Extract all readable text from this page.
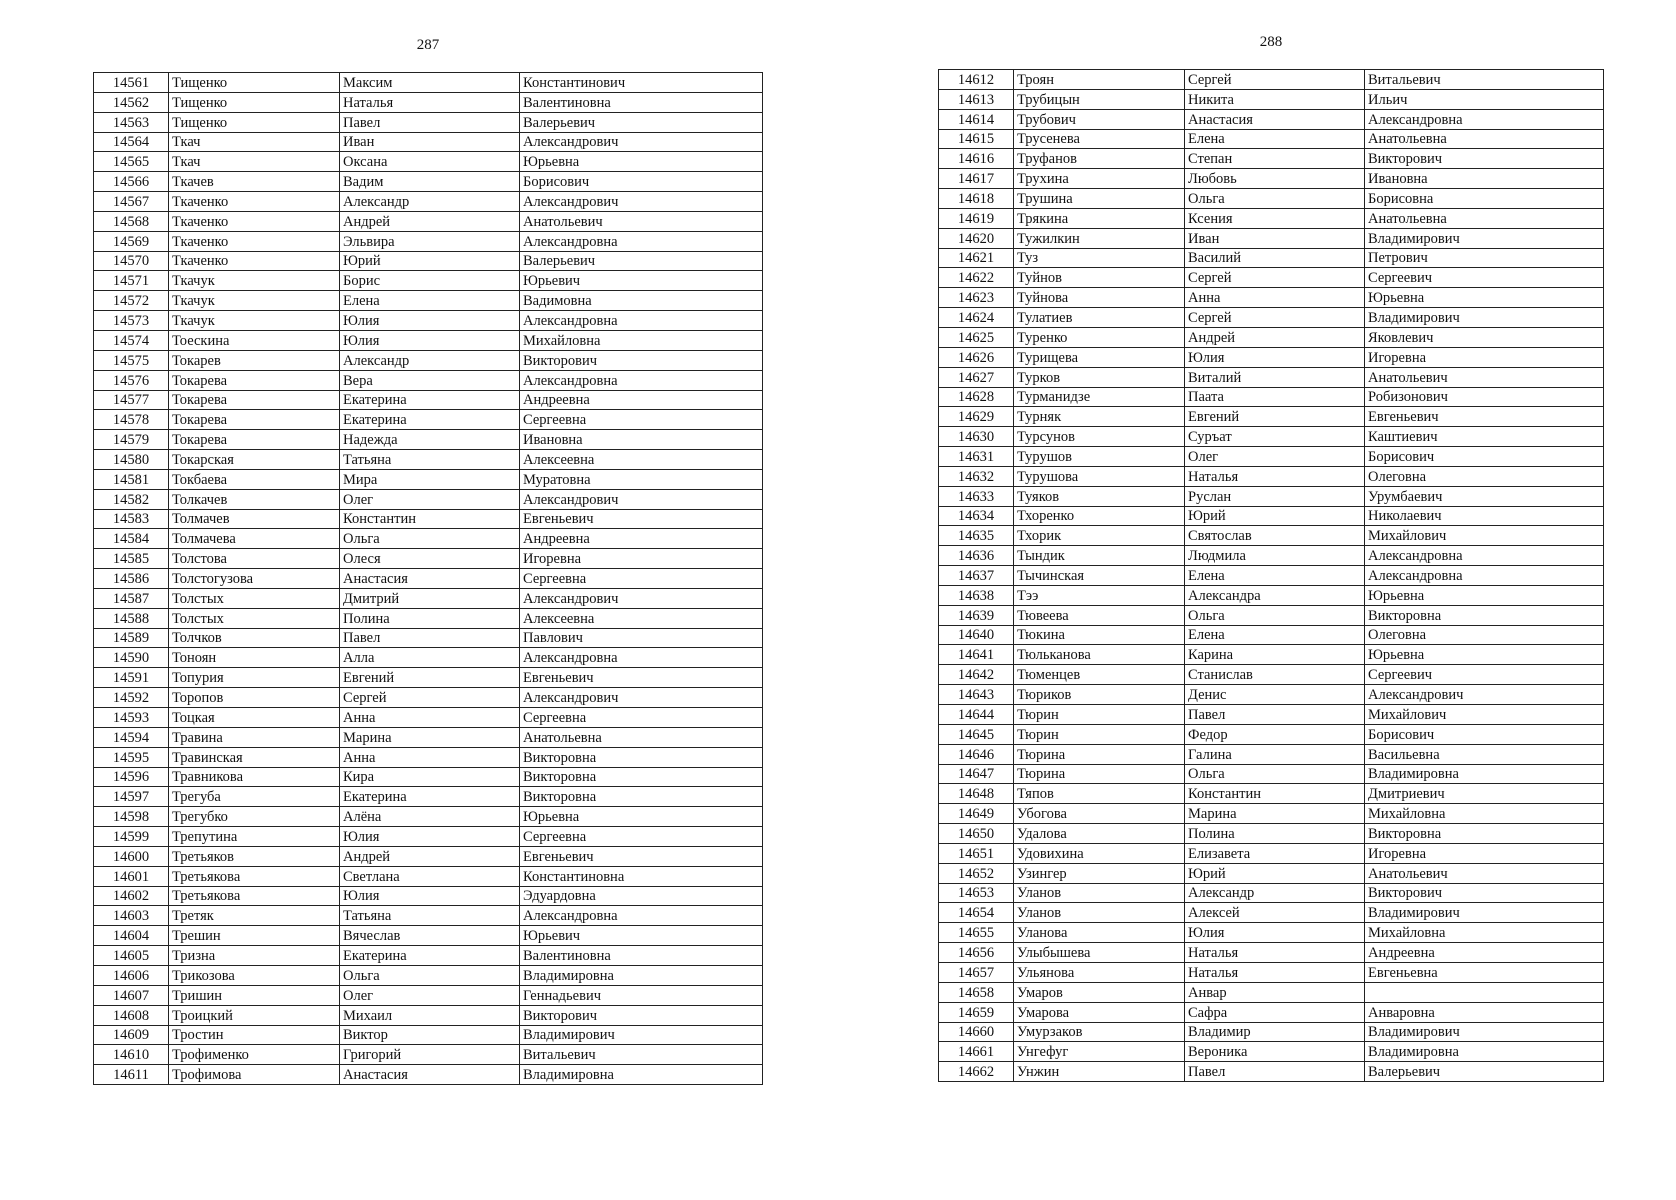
287
14561	Тищенко	Максим	Константинович
14562	Тищенко	Наталья	Валентиновна
14563	Тищенко	Павел	Валерьевич
14564	Ткач	Иван	Александрович
14565	Ткач	Оксана	Юрьевна
14566	Ткачев	Вадим	Борисович
14567	Ткаченко	Александр	Александрович
14568	Ткаченко	Андрей	Анатольевич
14569	Ткаченко	Эльвира	Александровна
14570	Ткаченко	Юрий	Валерьевич
14571	Ткачук	Борис	Юрьевич
14572	Ткачук	Елена	Вадимовна
14573	Ткачук	Юлия	Александровна
14574	Тоескина	Юлия	Михайловна
14575	Токарев	Александр	Викторович
14576	Токарева	Вера	Александровна
14577	Токарева	Екатерина	Андреевна
14578	Токарева	Екатерина	Сергеевна
14579	Токарева	Надежда	Ивановна
14580	Токарская	Татьяна	Алексеевна
14581	Токбаева	Мира	Муратовна
14582	Толкачев	Олег	Александрович
14583	Толмачев	Константин	Евгеньевич
14584	Толмачева	Ольга	Андреевна
14585	Толстова	Олеся	Игоревна
14586	Толстогузова	Анастасия	Сергеевна
14587	Толстых	Дмитрий	Александрович
14588	Толстых	Полина	Алексеевна
14589	Толчков	Павел	Павлович
14590	Тоноян	Алла	Александровна
14591	Топурия	Евгений	Евгеньевич
14592	Торопов	Сергей	Александрович
14593	Тоцкая	Анна	Сергеевна
14594	Травина	Марина	Анатольевна
14595	Травинская	Анна	Викторовна
14596	Травникова	Кира	Викторовна
14597	Трегуба	Екатерина	Викторовна
14598	Трегубко	Алёна	Юрьевна
14599	Трепутина	Юлия	Сергеевна
14600	Третьяков	Андрей	Евгеньевич
14601	Третьякова	Светлана	Константиновна
14602	Третьякова	Юлия	Эдуардовна
14603	Третяк	Татьяна	Александровна
14604	Трешин	Вячеслав	Юрьевич
14605	Тризна	Екатерина	Валентиновна
14606	Трикозова	Ольга	Владимировна
14607	Тришин	Олег	Геннадьевич
14608	Троицкий	Михаил	Викторович
14609	Тростин	Виктор	Владимирович
14610	Трофименко	Григорий	Витальевич
14611	Трофимова	Анастасия	Владимировна
288
14612	Троян	Сергей	Витальевич
14613	Трубицын	Никита	Ильич
14614	Трубович	Анастасия	Александровна
14615	Трусенева	Елена	Анатольевна
14616	Труфанов	Степан	Викторович
14617	Трухина	Любовь	Ивановна
14618	Трушина	Ольга	Борисовна
14619	Трякина	Ксения	Анатольевна
14620	Тужилкин	Иван	Владимирович
14621	Туз	Василий	Петрович
14622	Туйнов	Сергей	Сергеевич
14623	Туйнова	Анна	Юрьевна
14624	Тулатиев	Сергей	Владимирович
14625	Туренко	Андрей	Яковлевич
14626	Турищева	Юлия	Игоревна
14627	Турков	Виталий	Анатольевич
14628	Турманидзе	Паата	Робизонович
14629	Турняк	Евгений	Евгеньевич
14630	Турсунов	Суръат	Каштиевич
14631	Турушов	Олег	Борисович
14632	Турушова	Наталья	Олеговна
14633	Туяков	Руслан	Урумбаевич
14634	Тхоренко	Юрий	Николаевич
14635	Тхорик	Святослав	Михайлович
14636	Тындик	Людмила	Александровна
14637	Тычинская	Елена	Александровна
14638	Тээ	Александра	Юрьевна
14639	Тювеева	Ольга	Викторовна
14640	Тюкина	Елена	Олеговна
14641	Тюльканова	Карина	Юрьевна
14642	Тюменцев	Станислав	Сергеевич
14643	Тюриков	Денис	Александрович
14644	Тюрин	Павел	Михайлович
14645	Тюрин	Федор	Борисович
14646	Тюрина	Галина	Васильевна
14647	Тюрина	Ольга	Владимировна
14648	Тяпов	Константин	Дмитриевич
14649	Убогова	Марина	Михайловна
14650	Удалова	Полина	Викторовна
14651	Удовихина	Елизавета	Игоревна
14652	Узингер	Юрий	Анатольевич
14653	Уланов	Александр	Викторович
14654	Уланов	Алексей	Владимирович
14655	Уланова	Юлия	Михайловна
14656	Улыбышева	Наталья	Андреевна
14657	Ульянова	Наталья	Евгеньевна
14658	Умаров	Анвар	
14659	Умарова	Сафра	Анваровна
14660	Умурзаков	Владимир	Владимирович
14661	Унгефуг	Вероника	Владимировна
14662	Унжин	Павел	Валерьевич
